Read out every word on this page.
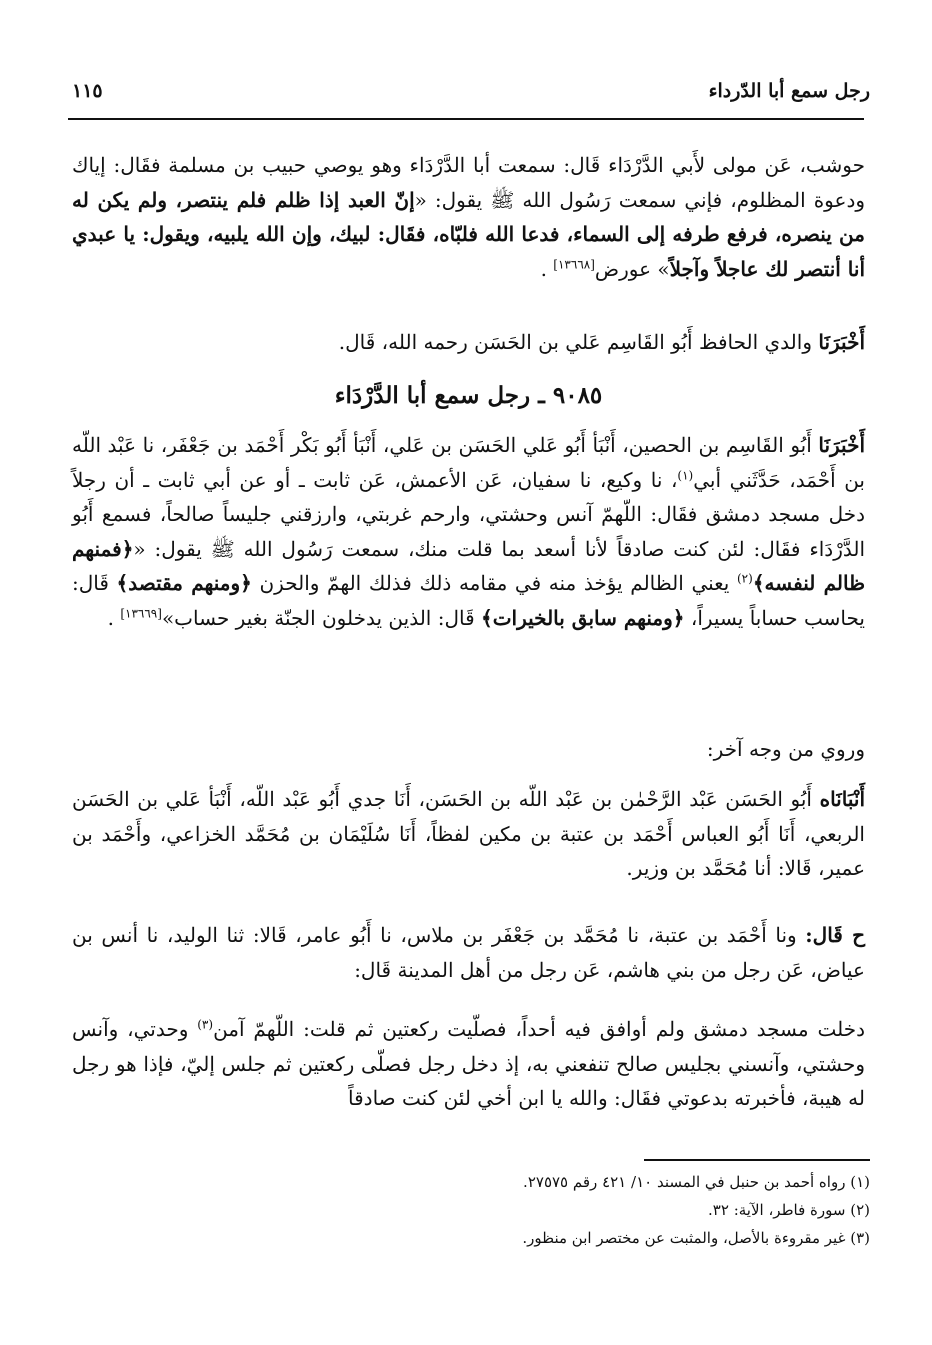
رجل سمع أبا الدّرداء
١١٥

حوشب، عَن مولى لأَبي الدَّرْدَاء قَال: سمعت أبا الدَّرْدَاء وهو يوصي حبيب بن مسلمة فقَال: إياك ودعوة المظلوم، فإني سمعت رَسُول الله ﷺ يقول: «إنّ العبد إذا ظلم فلم ينتصر، ولم يكن له من ينصره، فرفع طرفه إلى السماء، فدعا الله فلبّاه، فقَال: لبيك، وإن الله يلبيه، ويقول: يا عبدي أنا أنتصر لك عاجلاً وآجلاً» عورض[١٣٦٦٨] .

أَخْبَرَنَا والدي الحافظ أَبُو القَاسِم عَلي بن الحَسَن رحمه الله، قَال.

٩٠٨٥ ـ رجل سمع أبا الدَّرْدَاء

أَخْبَرَنَا أَبُو القَاسِم بن الحصين، أَنْبَأ أَبُو عَلي الحَسَن بن عَلي، أَنْبَأ أَبُو بَكْر أَحْمَد بن جَعْفَر، نا عَبْد اللّه بن أَحْمَد، حَدَّثَني أبي$^{(١)}$، نا وكيع، نا سفيان، عَن الأعمش، عَن ثابت ـ أو عن أبي ثابت ـ أن رجلاً دخل مسجد دمشق فقَال: اللّهمّ آنس وحشتي، وارحم غربتي، وارزقني جليساً صالحاً، فسمع أَبُو الدَّرْدَاء فقَال: لئن كنت صادقاً لأنا أسعد بما قلت منك، سمعت رَسُول الله ﷺ يقول: «﴿فمنهم ظالم لنفسه﴾$^{(٢)}$ يعني الظالم يؤخذ منه في مقامه ذلك فذلك الهمّ والحزن ﴿ومنهم مقتصد﴾ قَال: يحاسب حساباً يسيراً، ﴿ومنهم سابق بالخيرات﴾ قَال: الذين يدخلون الجنّة بغير حساب»[١٣٦٦٩] .

وروي من وجه آخر:

أَنْبَانَاه أَبُو الحَسَن عَبْد الرَّحْمٰن بن عَبْد اللّه بن الحَسَن، أَنَا جدي أَبُو عَبْد اللّه، أَنْبَأ عَلي بن الحَسَن الربعي، أَنَا أَبُو العباس أَحْمَد بن عتبة بن مكين لفظاً، أَنَا سُلَيْمَان بن مُحَمَّد الخزاعي، وأَحْمَد بن عمير، قَالا: أنا مُحَمَّد بن وزير.

ح قَال: ونا أَحْمَد بن عتبة، نا مُحَمَّد بن جَعْفَر بن ملاس، نا أَبُو عامر، قَالا: ثنا الوليد، نا أنس بن عياض، عَن رجل من بني هاشم، عَن رجل من أهل المدينة قَال:

دخلت مسجد دمشق ولم أوافق فيه أحداً، فصلّيت ركعتين ثم قلت: اللّهمّ آمن$^{(٣)}$ وحدتي، وآنس وحشتي، وآنسني بجليس صالح تنفعني به، إذ دخل رجل فصلّى ركعتين ثم جلس إليّ، فإذا هو رجل له هيبة، فأخبرته بدعوتي فقَال: والله يا ابن أخي لئن كنت صادقاً

(١) رواه أحمد بن حنبل في المسند ١٠/ ٤٢١ رقم ٢٧٥٧٥.
(٢) سورة فاطر، الآية: ٣٢.
(٣) غير مقروءة بالأصل، والمثبت عن مختصر ابن منظور.
